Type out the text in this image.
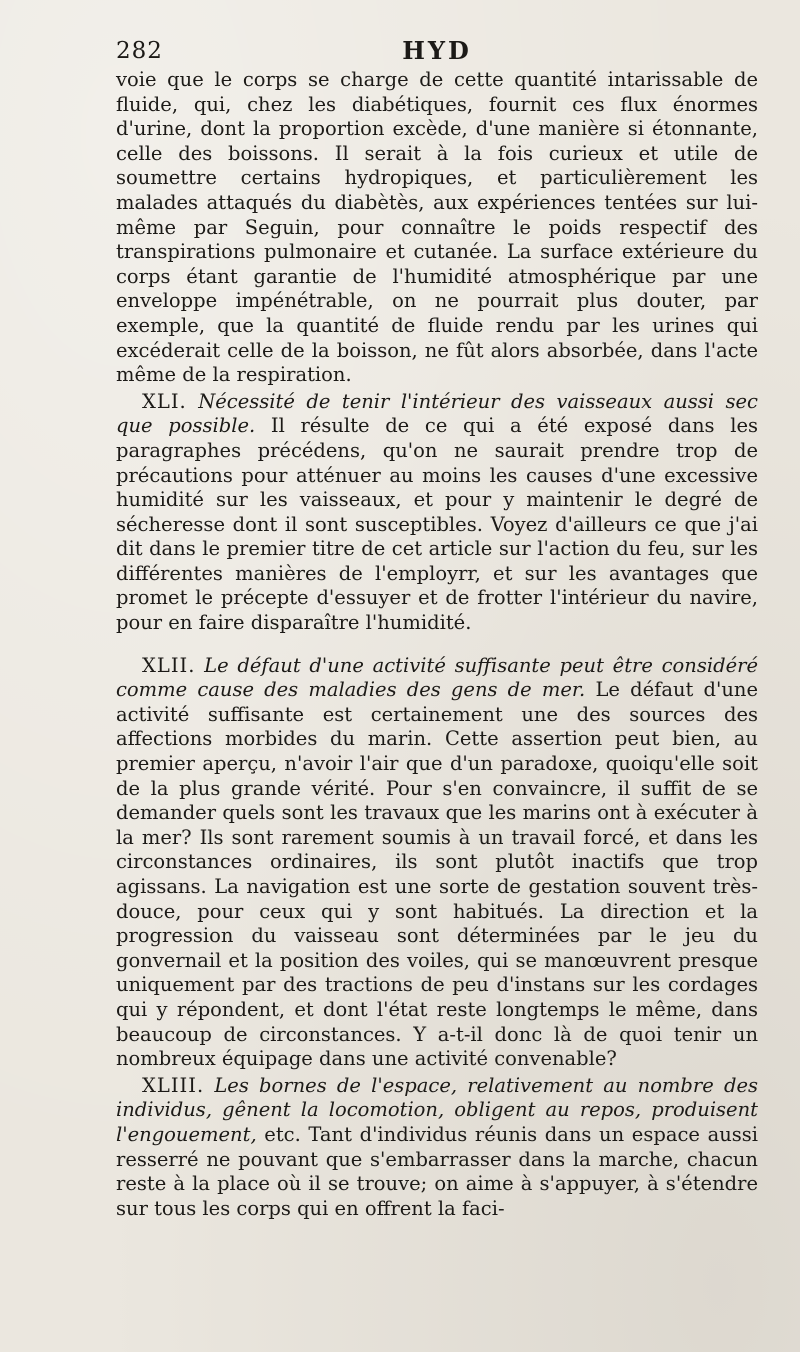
282	HYD

voie que le corps se charge de cette quantité intarissable de fluide, qui, chez les diabétiques, fournit ces flux énormes d'urine, dont la proportion excède, d'une manière si étonnante, celle des boissons. Il serait à la fois curieux et utile de soumettre certains hydropiques, et particulièrement les malades attaqués du diabètès, aux expériences tentées sur lui-même par Seguin, pour connaître le poids respectif des transpirations pulmonaire et cutanée. La surface extérieure du corps étant garantie de l'humidité atmosphérique par une enveloppe impénétrable, on ne pourrait plus douter, par exemple, que la quantité de fluide rendu par les urines qui excéderait celle de la boisson, ne fût alors absorbée, dans l'acte même de la respiration.

XLI. Nécessité de tenir l'intérieur des vaisseaux aussi sec que possible. Il résulte de ce qui a été exposé dans les paragraphes précédens, qu'on ne saurait prendre trop de précautions pour atténuer au moins les causes d'une excessive humidité sur les vaisseaux, et pour y maintenir le degré de sécheresse dont il sont susceptibles. Voyez d'ailleurs ce que j'ai dit dans le premier titre de cet article sur l'action du feu, sur les différentes manières de l'employrr, et sur les avantages que promet le précepte d'essuyer et de frotter l'intérieur du navire, pour en faire disparaître l'humidité.

XLII. Le défaut d'une activité suffisante peut être considéré comme cause des maladies des gens de mer. Le défaut d'une activité suffisante est certainement une des sources des affections morbides du marin. Cette assertion peut bien, au premier aperçu, n'avoir l'air que d'un paradoxe, quoiqu'elle soit de la plus grande vérité. Pour s'en convaincre, il suffit de se demander quels sont les travaux que les marins ont à exécuter à la mer? Ils sont rarement soumis à un travail forcé, et dans les circonstances ordinaires, ils sont plutôt inactifs que trop agissans. La navigation est une sorte de gestation souvent très-douce, pour ceux qui y sont habitués. La direction et la progression du vaisseau sont déterminées par le jeu du gonvernail et la position des voiles, qui se manœuvrent presque uniquement par des tractions de peu d'instans sur les cordages qui y répondent, et dont l'état reste longtemps le même, dans beaucoup de circonstances. Y a-t-il donc là de quoi tenir un nombreux équipage dans une activité convenable?

XLIII. Les bornes de l'espace, relativement au nombre des individus, gênent la locomotion, obligent au repos, produisent l'engouement, etc. Tant d'individus réunis dans un espace aussi resserré ne pouvant que s'embarrasser dans la marche, chacun reste à la place où il se trouve; on aime à s'appuyer, à s'étendre sur tous les corps qui en offrent la faci-
